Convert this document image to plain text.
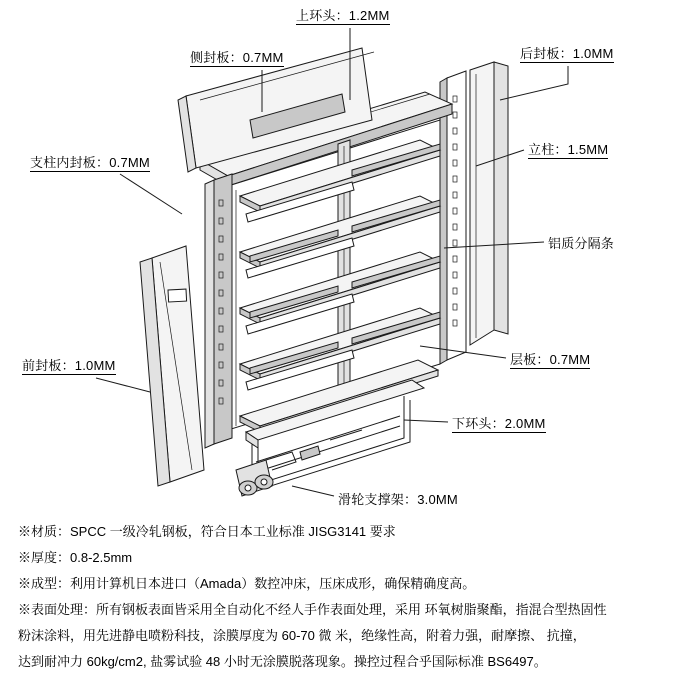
上环头：1.2MM
侧封板：0.7MM	后封板：1.0MM
立柱：1.5MM
支柱内封板：0.7MM
铝质分隔条
层板：0.7MM
前封板：1.0MM
下环头：2.0MM
滑轮支撑架：3.0MM

※材质：SPCC 一级冷轧钢板，符合日本工业标准 JISG3141 要求

※厚度：0.8-2.5mm

※成型：利用计算机日本进口（Amada）数控冲床，压床成形，确保精确度高。

※表面处理：所有钢板表面皆采用全自动化不经人手作表面处理，采用 环氧树脂聚酯，指混合型热固性

粉沫涂料，用先进静电喷粉科技，涂膜厚度为 60-70 微 米，绝缘性高，附着力强，耐摩擦、 抗撞，

达到耐冲力 60kg/cm2, 盐雾试验 48 小时无涂膜脱落现象。操控过程合乎国际标准 BS6497。
